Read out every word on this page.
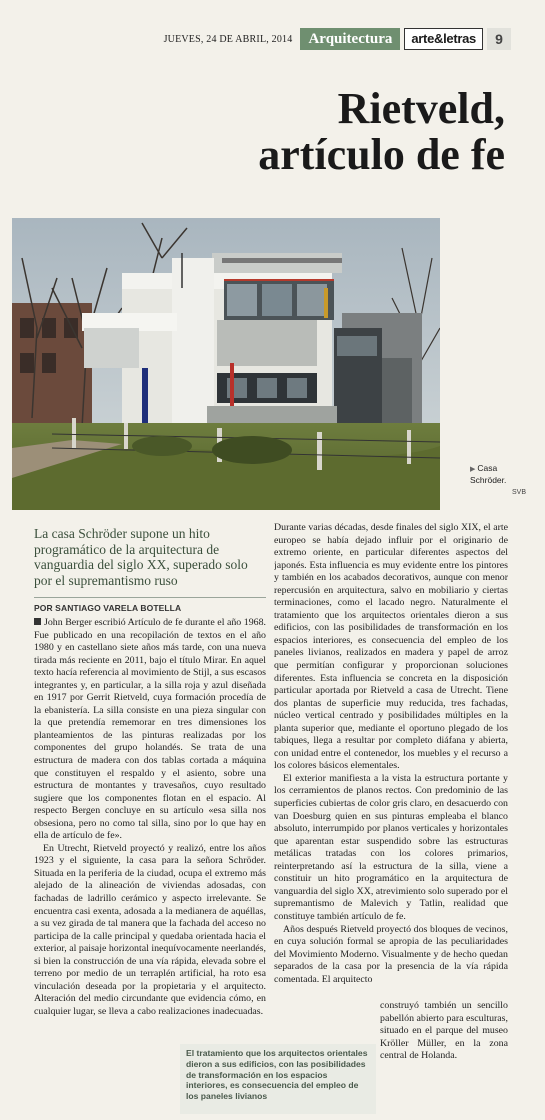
JUEVES, 24 DE ABRIL, 2014	Arquitectura	arte&letras	9
Rietveld,
artículo de fe
▶ Casa Schröder.
SVB

La casa Schröder supone un hito programático de la arquitectura de vanguardia del siglo XX, superado solo por el supremantismo ruso

POR SANTIAGO VARELA BOTELLA

John Berger escribió Artículo de fe durante el año 1968. Fue publicado en una recopilación de textos en el año 1980 y en castellano siete años más tarde, con una nueva tirada más reciente en 2011, bajo el título Mirar. En aquel texto hacía referencia al movimiento de Stijl, a sus escasos integrantes y, en particular, a la silla roja y azul diseñada en 1917 por Gerrit Rietveld, cuya formación procedía de la ebanistería. La silla consiste en una pieza singular con la que pretendía rememorar en tres dimensiones los planteamientos de las pinturas realizadas por los componentes del grupo holandés. Se trata de una estructura de madera con dos tablas cortada a máquina que constituyen el respaldo y el asiento, sobre una estructura de montantes y travesaños, cuyo resultado sugiere que los componentes flotan en el espacio. Al respecto Bergen concluye en su artículo «esa silla nos obsesiona, pero no como tal silla, sino por lo que hay en ella de artículo de fe».

En Utrecht, Rietveld proyectó y realizó, entre los años 1923 y el siguiente, la casa para la señora Schröder. Situada en la periferia de la ciudad, ocupa el extremo más alejado de la alineación de viviendas adosadas, con fachadas de ladrillo cerámico y aspecto irrelevante. Se encuentra casi exenta, adosada a la medianera de aquéllas, a su vez girada de tal manera que la fachada del acceso no participa de la calle principal y quedaba orientada hacia el exterior, al paisaje horizontal inequívocamente neerlandés, si bien la construcción de una vía rápida, elevada sobre el terreno por medio de un terraplén artificial, ha roto esa vinculación deseada por la propietaria y el arquitecto. Alteración del medio circundante que evidencia cómo, en cualquier lugar, se lleva a cabo realizaciones inadecuadas.

El tratamiento que los arquitectos orientales dieron a sus edificios, con las posibilidades de transformación en los espacios interiores, es consecuencia del empleo de los paneles livianos

Durante varias décadas, desde finales del siglo XIX, el arte europeo se había dejado influir por el originario de extremo oriente, en particular diferentes aspectos del japonés. Esta influencia es muy evidente entre los pintores y también en los acabados decorativos, aunque con menor repercusión en arquitectura, salvo en mobiliario y ciertas terminaciones, como el lacado negro. Naturalmente el tratamiento que los arquitectos orientales dieron a sus edificios, con las posibilidades de transformación en los espacios interiores, es consecuencia del empleo de los paneles livianos, realizados en madera y papel de arroz que permitían configurar y proporcionan soluciones diferentes. Esta influencia se concreta en la disposición particular aportada por Rietveld a casa de Utrecht. Tiene dos plantas de superficie muy reducida, tres fachadas, núcleo vertical centrado y posibilidades múltiples en la planta superior que, mediante el oportuno plegado de los tabiques, llega a resultar por completo diáfana y abierta, con unidad entre el contenedor, los muebles y el recurso a los colores básicos elementales.

El exterior manifiesta a la vista la estructura portante y los cerramientos de planos rectos. Con predominio de las superficies cubiertas de color gris claro, en desacuerdo con van Doesburg quien en sus pinturas empleaba el blanco absoluto, interrumpido por planos verticales y horizontales que aparentan estar suspendido sobre las estructuras metálicas tratadas con los colores primarios, reinterpretando así la estructura de la silla, viene a constituir un hito programático en la arquitectura de vanguardia del siglo XX, atrevimiento solo superado por el supremantismo de Malevich y Tatlin, realidad que constituye también artículo de fe.

Años después Rietveld proyectó dos bloques de vecinos, en cuya solución formal se apropia de las peculiaridades del Movimiento Moderno. Visualmente y de hecho quedan separados de la casa por la presencia de la vía rápida comentada. El arquitecto

construyó también un sencillo pabellón abierto para esculturas, situado en el parque del museo Kröller Müller, en la zona central de Holanda.
